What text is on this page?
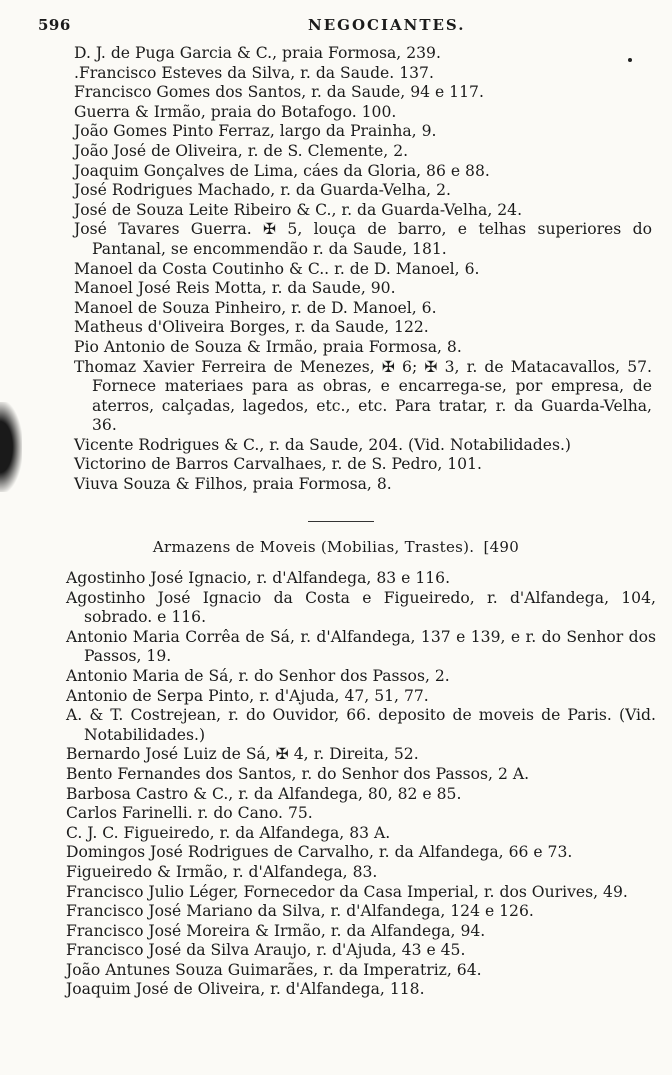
596	NEGOCIANTES.

D. J. de Puga Garcia & C., praia Formosa, 239.

.Francisco Esteves da Silva, r. da Saude. 137.

Francisco Gomes dos Santos, r. da Saude, 94 e 117.

Guerra & Irmão, praia do Botafogo. 100.

João Gomes Pinto Ferraz, largo da Prainha, 9.

João José de Oliveira, r. de S. Clemente, 2.

Joaquim Gonçalves de Lima, cáes da Gloria, 86 e 88.

José Rodrigues Machado, r. da Guarda-Velha, 2.

José de Souza Leite Ribeiro & C., r. da Guarda-Velha, 24.

José Tavares Guerra. ✠ 5, louça de barro, e telhas superiores do Pantanal, se encommendão r. da Saude, 181.

Manoel da Costa Coutinho & C.. r. de D. Manoel, 6.

Manoel José Reis Motta, r. da Saude, 90.

Manoel de Souza Pinheiro, r. de D. Manoel, 6.

Matheus d'Oliveira Borges, r. da Saude, 122.

Pio Antonio de Souza & Irmão, praia Formosa, 8.

Thomaz Xavier Ferreira de Menezes, ✠ 6; ✠ 3, r. de Matacavallos, 57. Fornece materiaes para as obras, e encarrega-se, por empresa, de aterros, calçadas, lagedos, etc., etc. Para tratar, r. da Guarda-Velha, 36.

Vicente Rodrigues & C., r. da Saude, 204. (Vid. Notabilidades.)

Victorino de Barros Carvalhaes, r. de S. Pedro, 101.

Viuva Souza & Filhos, praia Formosa, 8.

Armazens de Moveis (Mobilias, Trastes). [490

Agostinho José Ignacio, r. d'Alfandega, 83 e 116.

Agostinho José Ignacio da Costa e Figueiredo, r. d'Alfandega, 104, sobrado. e 116.

Antonio Maria Corrêa de Sá, r. d'Alfandega, 137 e 139, e r. do Senhor dos Passos, 19.

Antonio Maria de Sá, r. do Senhor dos Passos, 2.

Antonio de Serpa Pinto, r. d'Ajuda, 47, 51, 77.

A. & T. Costrejean, r. do Ouvidor, 66. deposito de moveis de Paris. (Vid. Notabilidades.)

Bernardo José Luiz de Sá, ✠ 4, r. Direita, 52.

Bento Fernandes dos Santos, r. do Senhor dos Passos, 2 A.

Barbosa Castro & C., r. da Alfandega, 80, 82 e 85.

Carlos Farinelli. r. do Cano. 75.

C. J. C. Figueiredo, r. da Alfandega, 83 A.

Domingos José Rodrigues de Carvalho, r. da Alfandega, 66 e 73.

Figueiredo & Irmão, r. d'Alfandega, 83.

Francisco Julio Léger, Fornecedor da Casa Imperial, r. dos Ourives, 49.

Francisco José Mariano da Silva, r. d'Alfandega, 124 e 126.

Francisco José Moreira & Irmão, r. da Alfandega, 94.

Francisco José da Silva Araujo, r. d'Ajuda, 43 e 45.

João Antunes Souza Guimarães, r. da Imperatriz, 64.

Joaquim José de Oliveira, r. d'Alfandega, 118.
